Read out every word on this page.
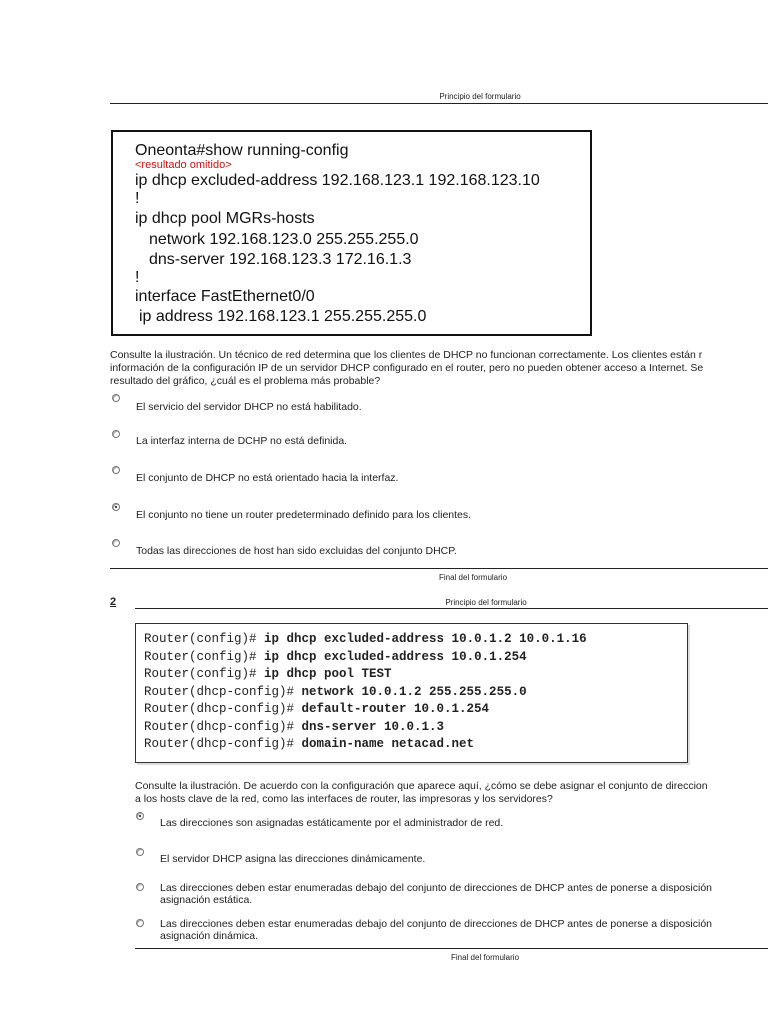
Principio del formulario
Oneonta#show running-config
<resultado omitido>
ip dhcp excluded-address 192.168.123.1 192.168.123.10
!
ip dhcp pool MGRs-hosts
network 192.168.123.0 255.255.255.0
dns-server 192.168.123.3 172.16.1.3
!
interface FastEthernet0/0
ip address 192.168.123.1 255.255.255.0
Consulte la ilustración. Un técnico de red determina que los clientes de DHCP no funcionan correctamente. Los clientes están r
información de la configuración IP de un servidor DHCP configurado en el router, pero no pueden obtener acceso a Internet. Se
resultado del gráfico, ¿cuál es el problema más probable?
El servicio del servidor DHCP no está habilitado.
La interfaz interna de DCHP no está definida.
El conjunto de DHCP no está orientado hacia la interfaz.
El conjunto no tiene un router predeterminado definido para los clientes.
Todas las direcciones de host han sido excluidas del conjunto DHCP.
Final del formulario
2	Principio del formulario
Router(config)# ip dhcp excluded-address 10.0.1.2 10.0.1.16
Router(config)# ip dhcp excluded-address 10.0.1.254
Router(config)# ip dhcp pool TEST
Router(dhcp-config)# network 10.0.1.2 255.255.255.0
Router(dhcp-config)# default-router 10.0.1.254
Router(dhcp-config)# dns-server 10.0.1.3
Router(dhcp-config)# domain-name netacad.net
Consulte la ilustración. De acuerdo con la configuración que aparece aquí, ¿cómo se debe asignar el conjunto de direccion
a los hosts clave de la red, como las interfaces de router, las impresoras y los servidores?
Las direcciones son asignadas estáticamente por el administrador de red.
El servidor DHCP asigna las direcciones dinámicamente.
Las direcciones deben estar enumeradas debajo del conjunto de direcciones de DHCP antes de ponerse a disposición
asignación estática.
Las direcciones deben estar enumeradas debajo del conjunto de direcciones de DHCP antes de ponerse a disposición
asignación dinámica.
Final del formulario
